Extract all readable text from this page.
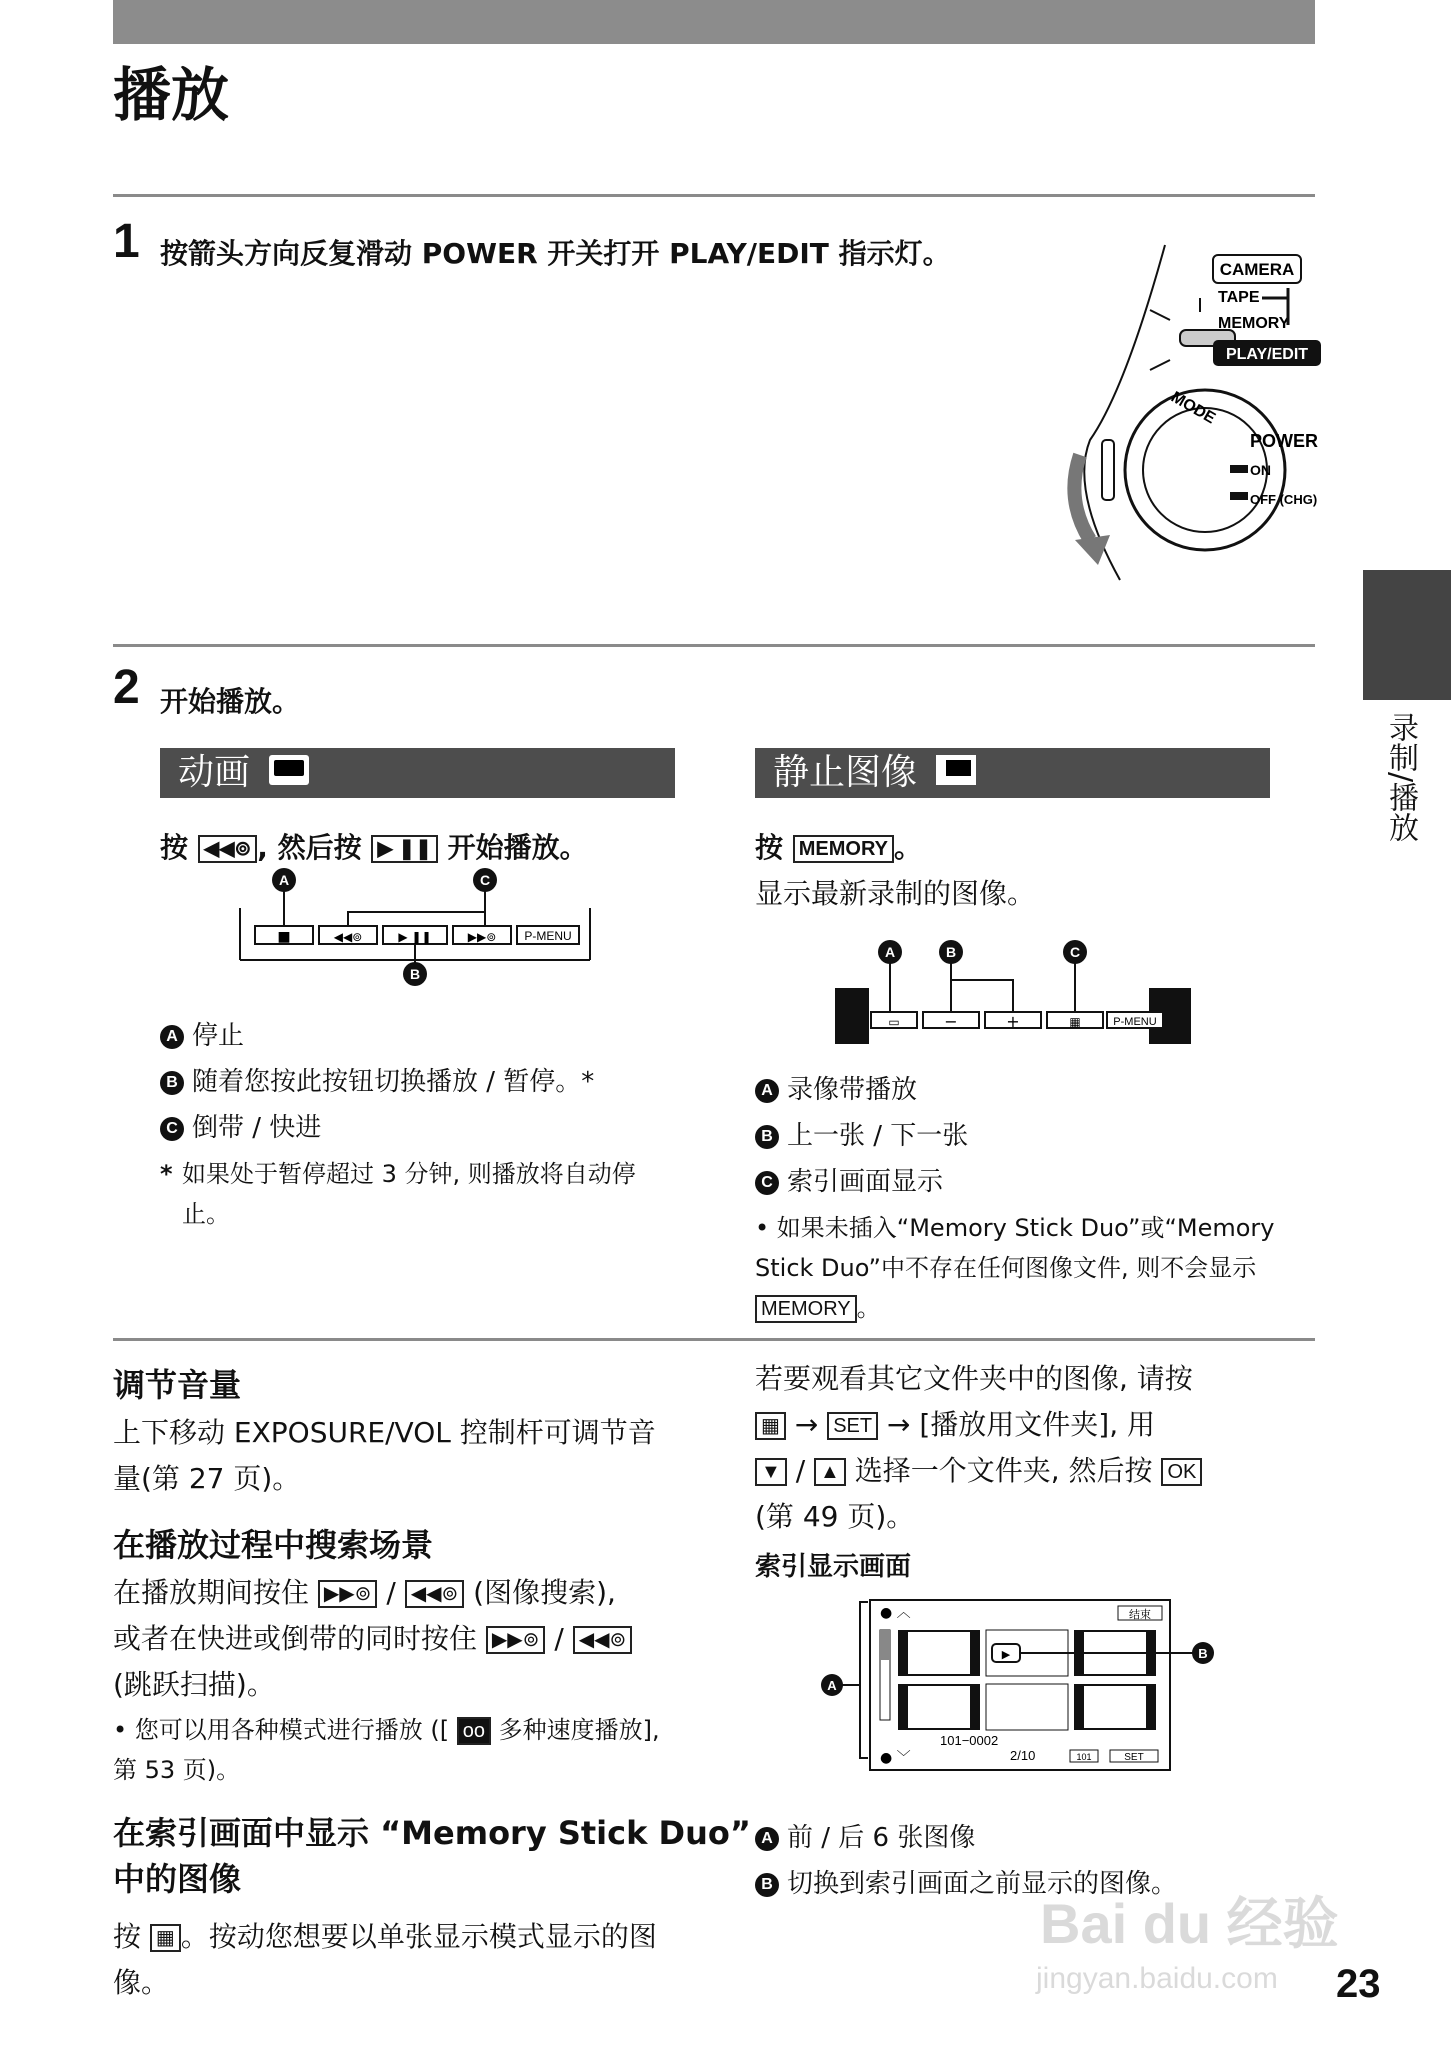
播放
1 按箭头方向反复滑动 POWER 开关打开 PLAY/EDIT 指示灯。	CAMERA
TAPE
MEMORY
PLAY/EDIT
MODE
POWER
ON
OFF (CHG)
2 开始播放。
动画
按 ◀◀⊚ , 然后按 ▶ ❚❚ 开始播放。
■	◀◀⊚	▶ ❚❚	▶▶⊚ P-MENU
A	C
B
A 停止
B 随着您按此按钮切换播放 / 暂停。*
C 倒带 / 快进
* 如果处于暂停超过 3 分钟, 则播放将自动停止。
静止图像
按 MEMORY 。
显示最新录制的图像。
▭	−	+	▦	P-MENU
A	B	C
A 录像带播放
B 上一张 / 下一张
C 索引画面显示
• 如果未插入“Memory Stick Duo”或“Memory Stick Duo”中不存在任何图像文件, 则不会显示 MEMORY 。
调节音量
上下移动 EXPOSURE/VOL 控制杆可调节音量(第 27 页)。
在播放过程中搜索场景
在播放期间按住 ▶▶⊚ / ◀◀⊚ (图像搜索),
或者在快进或倒带的同时按住 ▶▶⊚ / ◀◀⊚
(跳跃扫描)。
• 您可以用各种模式进行播放 ([ oo 多种速度播放], 第 53 页)。
在索引画面中显示 “Memory Stick Duo”
中的图像
按 ▦ 。按动您想要以单张显示模式显示的图像。
若要观看其它文件夹中的图像, 请按
▦ → SET → [播放用文件夹], 用
▼ / ▲ 选择一个文件夹, 然后按 OK
(第 49 页)。
索引显示画面
A
● ︿	结束
▶	B
101−0002
2/10
● ﹀	101	SET
A 前 / 后 6 张图像
B 切换到索引画面之前显示的图像。
录制/播放
23
Bai du 经验
jingyan.baidu.com
